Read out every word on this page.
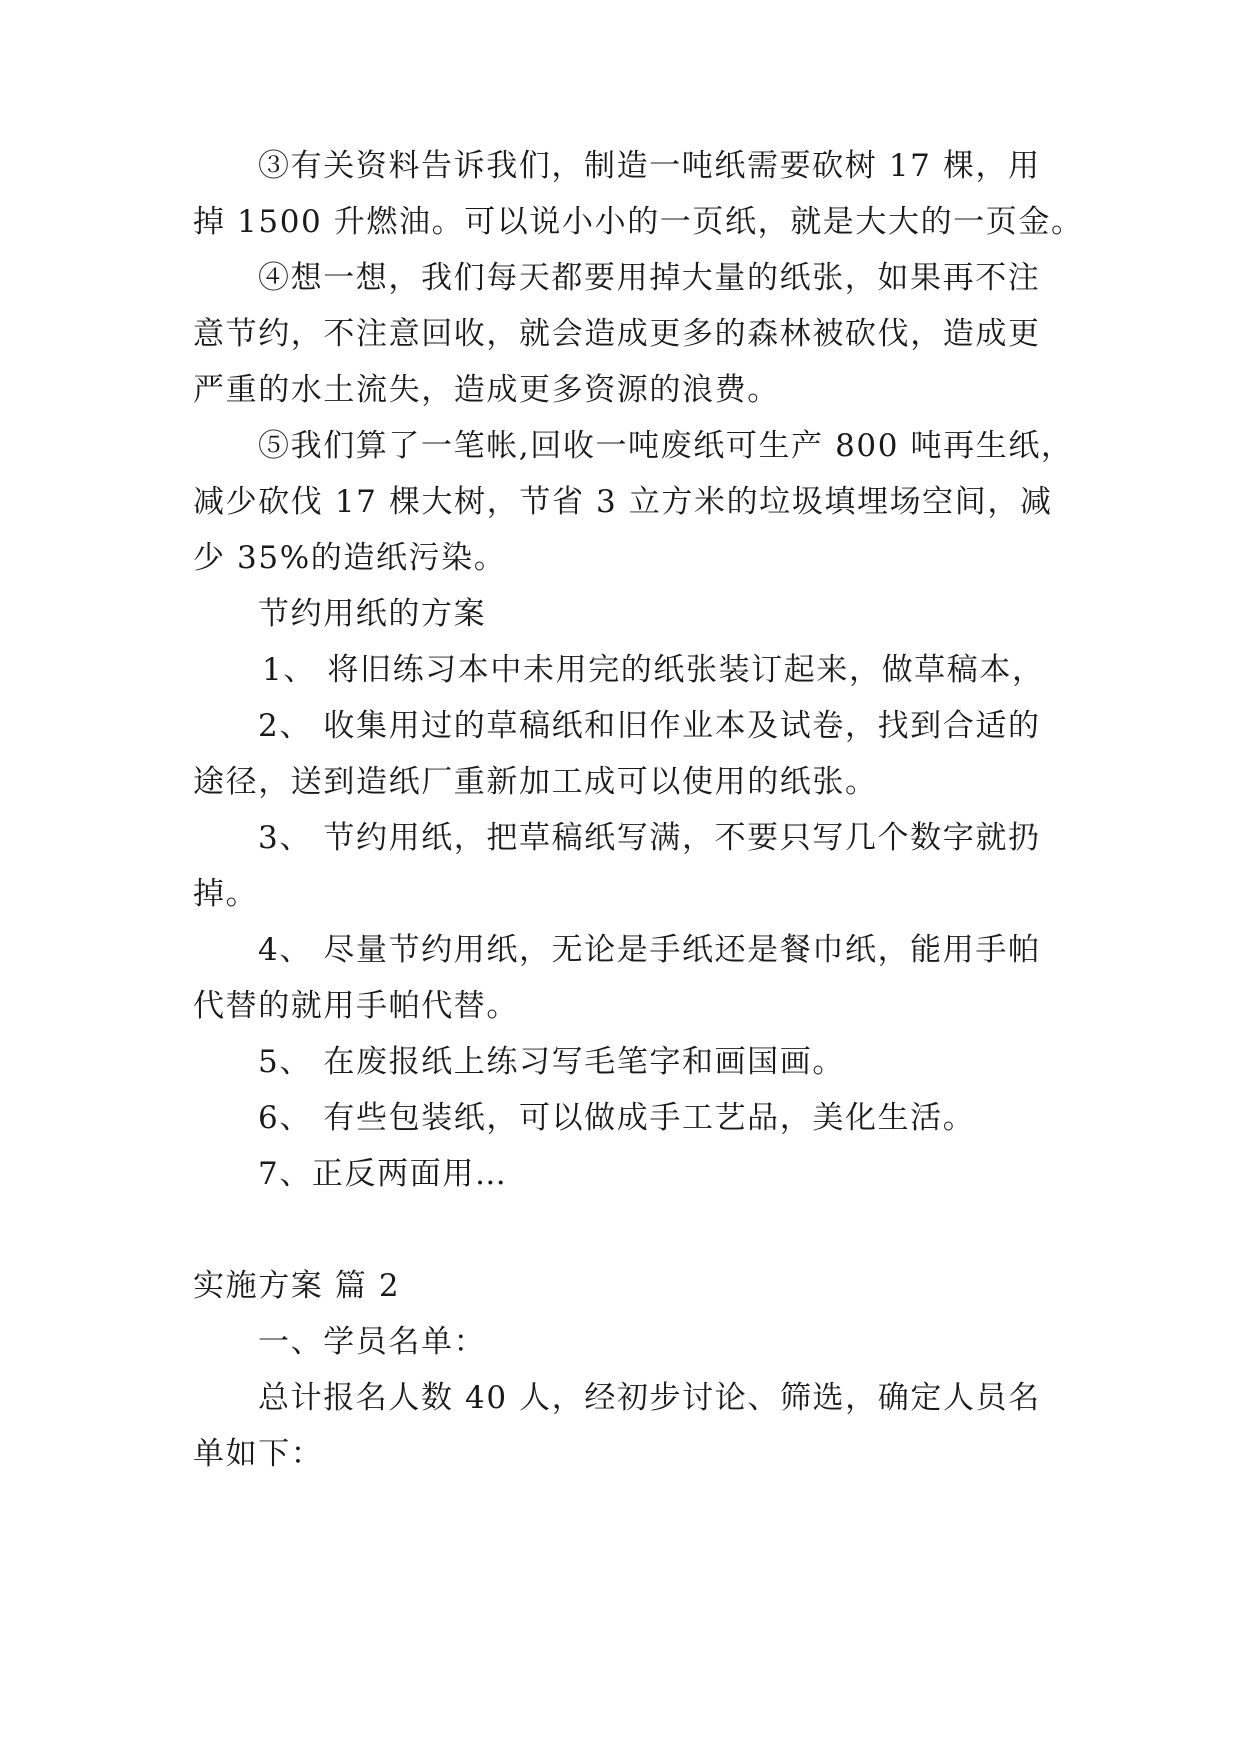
③有关资料告诉我们，制造一吨纸需要砍树 17 棵，用
掉 1500 升燃油。可以说小小的一页纸，就是大大的一页金。
④想一想，我们每天都要用掉大量的纸张，如果再不注
意节约，不注意回收，就会造成更多的森林被砍伐，造成更
严重的水土流失，造成更多资源的浪费。
⑤我们算了一笔帐,回收一吨废纸可生产 800 吨再生纸，
减少砍伐 17 棵大树，节省 3 立方米的垃圾填埋场空间，减
少 35%的造纸污染。
节约用纸的方案
1、 将旧练习本中未用完的纸张装订起来，做草稿本，
2、 收集用过的草稿纸和旧作业本及试卷，找到合适的
途径，送到造纸厂重新加工成可以使用的纸张。
3、 节约用纸，把草稿纸写满，不要只写几个数字就扔
掉。
4、 尽量节约用纸，无论是手纸还是餐巾纸，能用手帕
代替的就用手帕代替。
5、 在废报纸上练习写毛笔字和画国画。
6、 有些包装纸，可以做成手工艺品，美化生活。
7、正反两面用…
实施方案 篇 2
一、学员名单：
总计报名人数 40 人，经初步讨论、筛选，确定人员名
单如下：
